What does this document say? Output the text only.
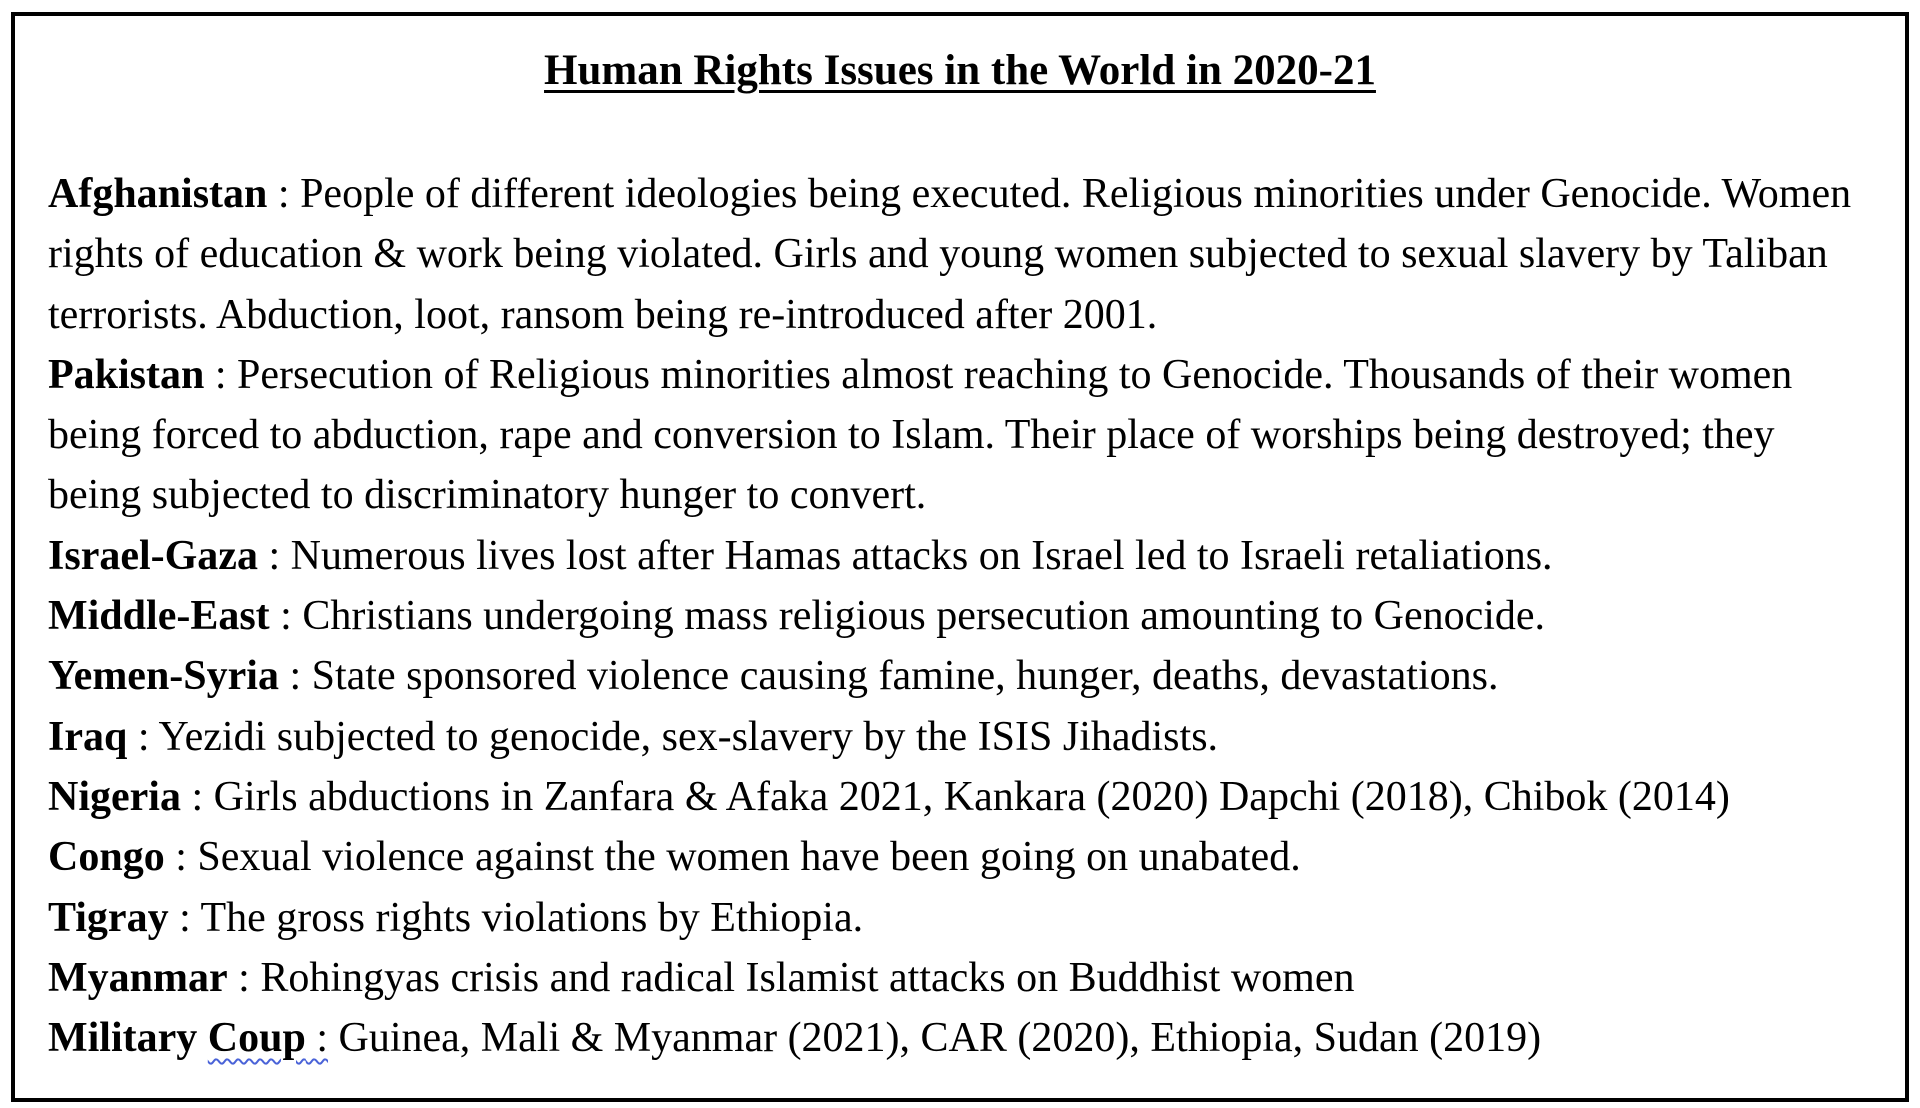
Human Rights Issues in the World in 2020-21

Afghanistan : People of different ideologies being executed. Religious minorities under Genocide. Women rights of education & work being violated. Girls and young women subjected to sexual slavery by Taliban terrorists. Abduction, loot, ransom being re-introduced after 2001.

Pakistan : Persecution of Religious minorities almost reaching to Genocide. Thousands of their women being forced to abduction, rape and conversion to Islam. Their place of worships being destroyed; they being subjected to discriminatory hunger to convert.

Israel-Gaza : Numerous lives lost after Hamas attacks on Israel led to Israeli retaliations.

Middle-East : Christians undergoing mass religious persecution amounting to Genocide.

Yemen-Syria : State sponsored violence causing famine, hunger, deaths, devastations.

Iraq : Yezidi subjected to genocide, sex-slavery by the ISIS Jihadists.

Nigeria : Girls abductions in Zanfara & Afaka 2021, Kankara (2020) Dapchi (2018), Chibok (2014)

Congo : Sexual violence against the women have been going on unabated.

Tigray : The gross rights violations by Ethiopia.

Myanmar : Rohingyas crisis and radical Islamist attacks on Buddhist women

Military Coup : Guinea, Mali & Myanmar (2021), CAR (2020), Ethiopia, Sudan (2019)
